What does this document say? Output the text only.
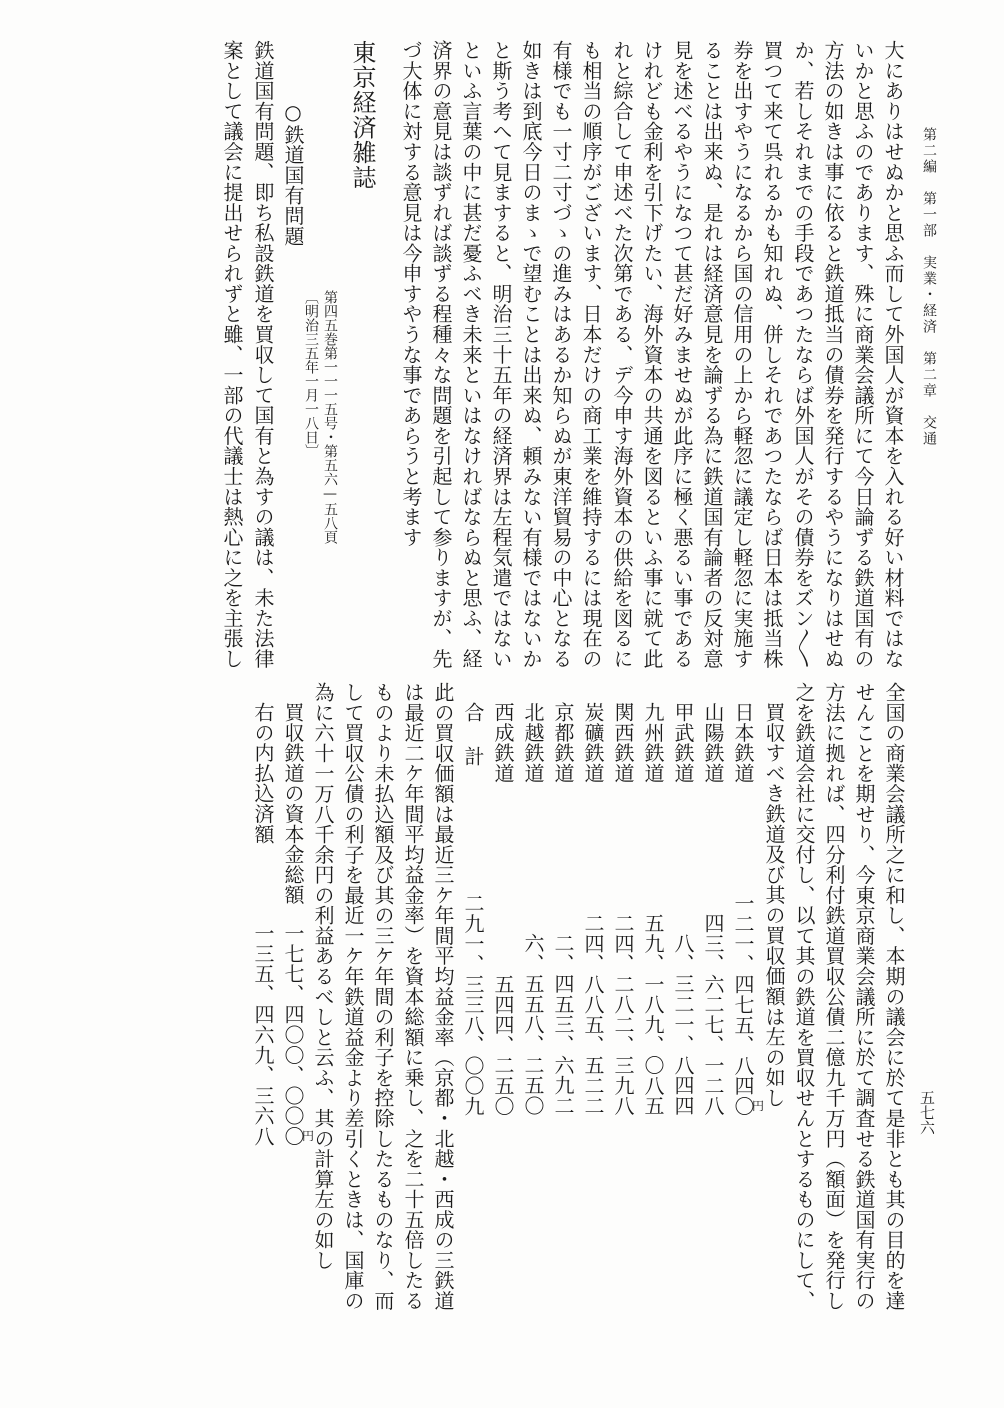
第二編　第一部　実業・経済　第二章　交通
五七六
大にありはせぬかと思ふ而して外国人が資本を入れる好い材料ではな
いかと思ふのであります、殊に商業会議所にて今日論ずる鉄道国有の
方法の如きは事に依ると鉄道抵当の債券を発行するやうになりはせぬ
か、若しそれまでの手段であつたならば外国人がその債券をズン〳〵
買つて来て呉れるかも知れぬ、併しそれであつたならば日本は抵当株
券を出すやうになるから国の信用の上から軽忽に議定し軽忽に実施す
ることは出来ぬ、是れは経済意見を論ずる為に鉄道国有論者の反対意
見を述べるやうになつて甚だ好みませぬが此序に極く悪るい事である
けれども金利を引下げたい、海外資本の共通を図るといふ事に就て此
れと綜合して申述べた次第である、デ今申す海外資本の供給を図るに
も相当の順序がございます、日本だけの商工業を維持するには現在の
有様でも一寸二寸づゝの進みはあるか知らぬが東洋貿易の中心となる
如きは到底今日のまゝで望むことは出来ぬ、頼みない有様ではないか
と斯う考へて見ますると、明治三十五年の経済界は左程気遣ではない
といふ言葉の中に甚だ憂ふべき未来といはなければならぬと思ふ、経
済界の意見は談ずれば談ずる程種々な問題を引起して参りますが、先
づ大体に対する意見は今申すやうな事であらうと考ます
東京経済雑誌
第四五巻第一一一五号・第五六—五八頁
〔明治三五年一月一八日〕
○鉄道国有問題
鉄道国有問題、即ち私設鉄道を買収して国有と為すの議は、未た法律
案として議会に提出せられずと雖、一部の代議士は熱心に之を主張し
全国の商業会議所之に和し、本期の議会に於て是非とも其の目的を達
せんことを期せり、今東京商業会議所に於て調査せる鉄道国有実行の
方法に拠れば、四分利付鉄道買収公債二億九千万円（額面）を発行し
之を鉄道会社に交付し、以て其の鉄道を買収せんとするものにして、
買収すべき鉄道及び其の買収価額は左の如し
日本鉄道
山陽鉄道
甲武鉄道
九州鉄道
関西鉄道
炭礦鉄道
京都鉄道
北越鉄道
西成鉄道
合　計
一二一、四七五、八四〇
四三、六二七、一二八
八、三二一、八四四
五九、一八九、〇八五
二四、二八二、三九八
二四、八八五、五二二
二、四五三、六九二
六、五五八、二五〇
五四四、二五〇
二九一、三三八、〇〇九	円
此の買収価額は最近三ケ年間平均益金率（京都・北越・西成の三鉄道
は最近二ケ年間平均益金率）を資本総額に乗し、之を二十五倍したる
ものより未払込額及び其の三ケ年間の利子を控除したるものなり、而
して買収公債の利子を最近一ケ年鉄道益金より差引くときは、国庫の
為に六十一万八千余円の利益あるべしと云ふ、其の計算左の如し
買収鉄道の資本金総額
一七七、四〇〇、〇〇〇
円
右の内払込済額
一三五、四六九、三六八
